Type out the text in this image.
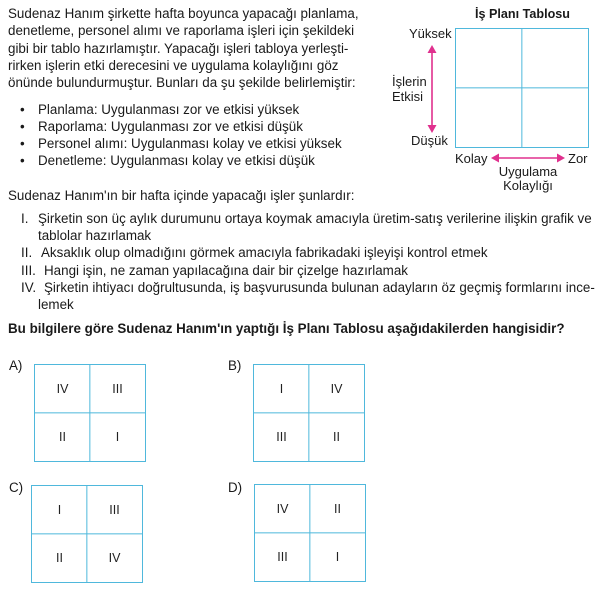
Sudenaz Hanım şirkette hafta boyunca yapacağı planlama,

denetleme, personel alımı ve raporlama işleri için şekildeki

gibi bir tablo hazırlamıştır. Yapacağı işleri tabloya yerleşti-

rirken işlerin etki derecesini ve uygulama kolaylığını göz

önünde bulundurmuştur. Bunları da şu şekilde belirlemiştir:

• Planlama: Uygulanması zor ve etkisi yüksek
• Raporlama: Uygulanması zor ve etkisi düşük
• Personel alımı: Uygulanması kolay ve etkisi yüksek
• Denetleme: Uygulanması kolay ve etkisi düşük
İş Planı Tablosu
Yüksek
İşlerin
Etkisi
Düşük
Kolay	Zor
Uygulama
Kolaylığı
Sudenaz Hanım'ın bir hafta içinde yapacağı işler şunlardır:
I. Şirketin son üç aylık durumunu ortaya koymak amacıyla üretim-satış verilerine ilişkin grafik ve tablolar hazırlamak
II. Aksaklık olup olmadığını görmek amacıyla fabrikadaki işleyişi kontrol etmek
III. Hangi işin, ne zaman yapılacağına dair bir çizelge hazırlamak
IV. Şirketin ihtiyacı doğrultusunda, iş başvurusunda bulunan adayların öz geçmiş formlarını ince-lemek
Bu bilgilere göre Sudenaz Hanım'ın yaptığı İş Planı Tablosu aşağıdakilerden hangisidir?
A)
IV	III
II	I
B)
I	IV
III	II
C)
I	III
II	IV
D)
IV	II
III	I
